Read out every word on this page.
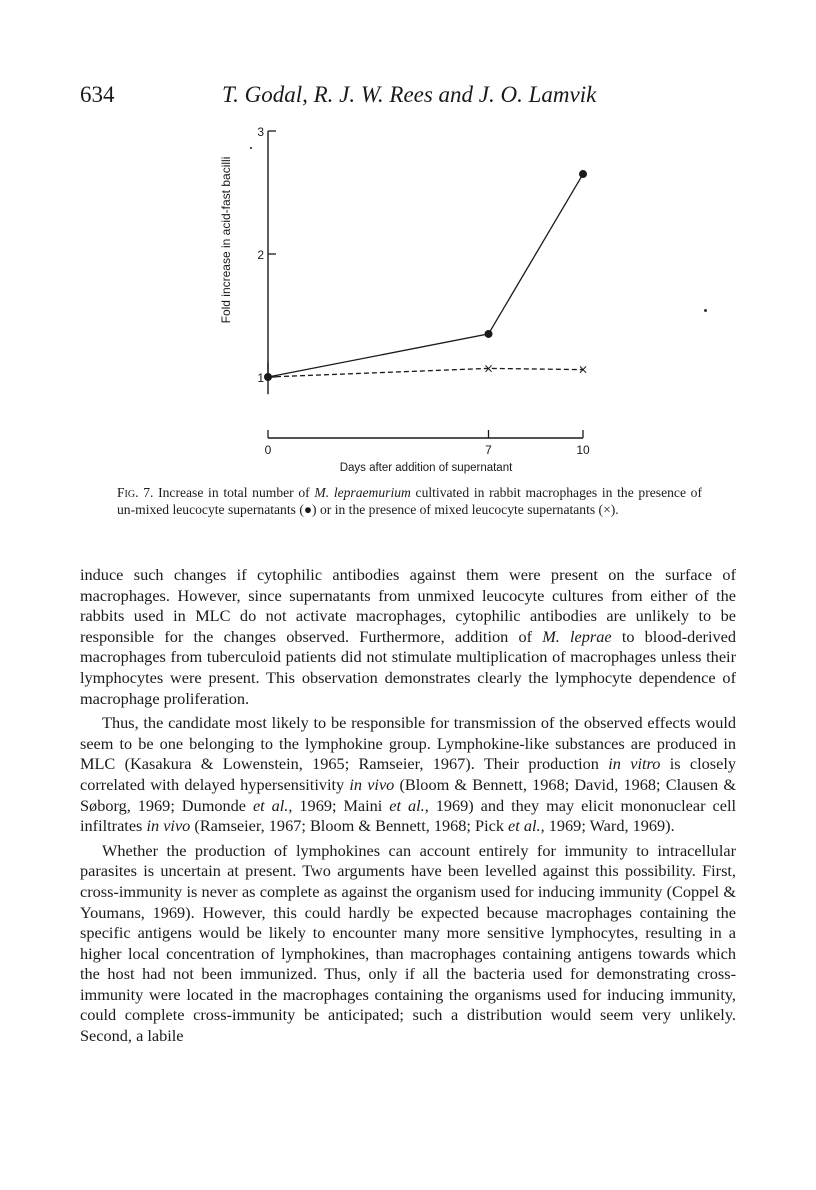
634	T. Godal, R. J. W. Rees and J. O. Lamvik
Fold increase in acid-fast bacilli
Days after addition of supernatant
1
2
3
0	7	10
×	×
Fig. 7. Increase in total number of M. lepraemurium cultivated in rabbit macrophages in the presence of un-mixed leucocyte supernatants (●) or in the presence of mixed leucocyte supernatants (×).

induce such changes if cytophilic antibodies against them were present on the surface of macrophages. However, since supernatants from unmixed leucocyte cultures from either of the rabbits used in MLC do not activate macrophages, cytophilic antibodies are unlikely to be responsible for the changes observed. Furthermore, addition of M. leprae to blood-derived macrophages from tuberculoid patients did not stimulate multiplication of macrophages unless their lymphocytes were present. This observation demonstrates clearly the lymphocyte dependence of macrophage proliferation.

Thus, the candidate most likely to be responsible for transmission of the observed effects would seem to be one belonging to the lymphokine group. Lymphokine-like substances are produced in MLC (Kasakura & Lowenstein, 1965; Ramseier, 1967). Their production in vitro is closely correlated with delayed hypersensitivity in vivo (Bloom & Bennett, 1968; David, 1968; Clausen & Søborg, 1969; Dumonde et al., 1969; Maini et al., 1969) and they may elicit mononuclear cell infiltrates in vivo (Ramseier, 1967; Bloom & Bennett, 1968; Pick et al., 1969; Ward, 1969).

Whether the production of lymphokines can account entirely for immunity to intracellular parasites is uncertain at present. Two arguments have been levelled against this possibility. First, cross-immunity is never as complete as against the organism used for inducing immunity (Coppel & Youmans, 1969). However, this could hardly be expected because macrophages containing the specific antigens would be likely to encounter many more sensitive lymphocytes, resulting in a higher local concentration of lymphokines, than macrophages containing antigens towards which the host had not been immunized. Thus, only if all the bacteria used for demonstrating cross-immunity were located in the macrophages containing the organisms used for inducing immunity, could complete cross-immunity be anticipated; such a distribution would seem very unlikely. Second, a labile
